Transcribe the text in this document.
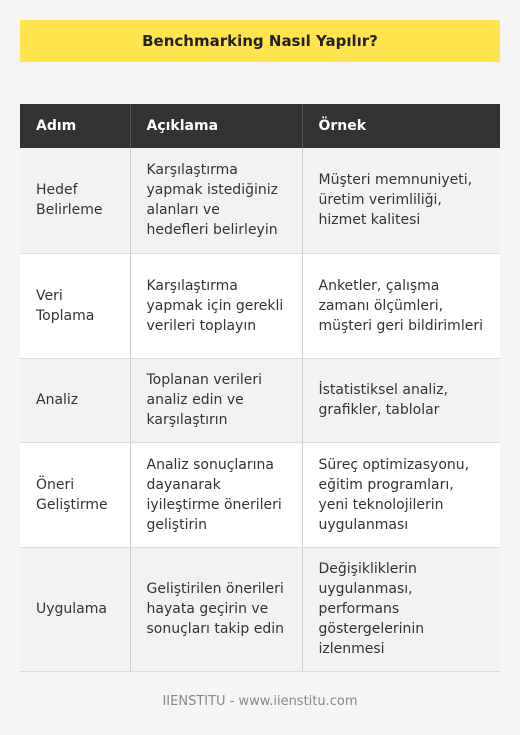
Benchmarking Nasıl Yapılır?
Adım	Açıklama	Örnek
Hedef Belirleme	Karşılaştırma yapmak istediğiniz alanları ve hedefleri belirleyin	Müşteri memnuniyeti, üretim verimliliği, hizmet kalitesi
Veri Toplama	Karşılaştırma yapmak için gerekli verileri toplayın	Anketler, çalışma zamanı ölçümleri, müşteri geri bildirimleri
Analiz	Toplanan verileri analiz edin ve karşılaştırın	İstatistiksel analiz, grafikler, tablolar
Öneri Geliştirme	Analiz sonuçlarına dayanarak iyileştirme önerileri geliştirin	Süreç optimizasyonu, eğitim programları, yeni teknolojilerin uygulanması
Uygulama	Geliştirilen önerileri hayata geçirin ve sonuçları takip edin	Değişikliklerin uygulanması, performans göstergelerinin izlenmesi
IIENSTITU - www.iienstitu.com
